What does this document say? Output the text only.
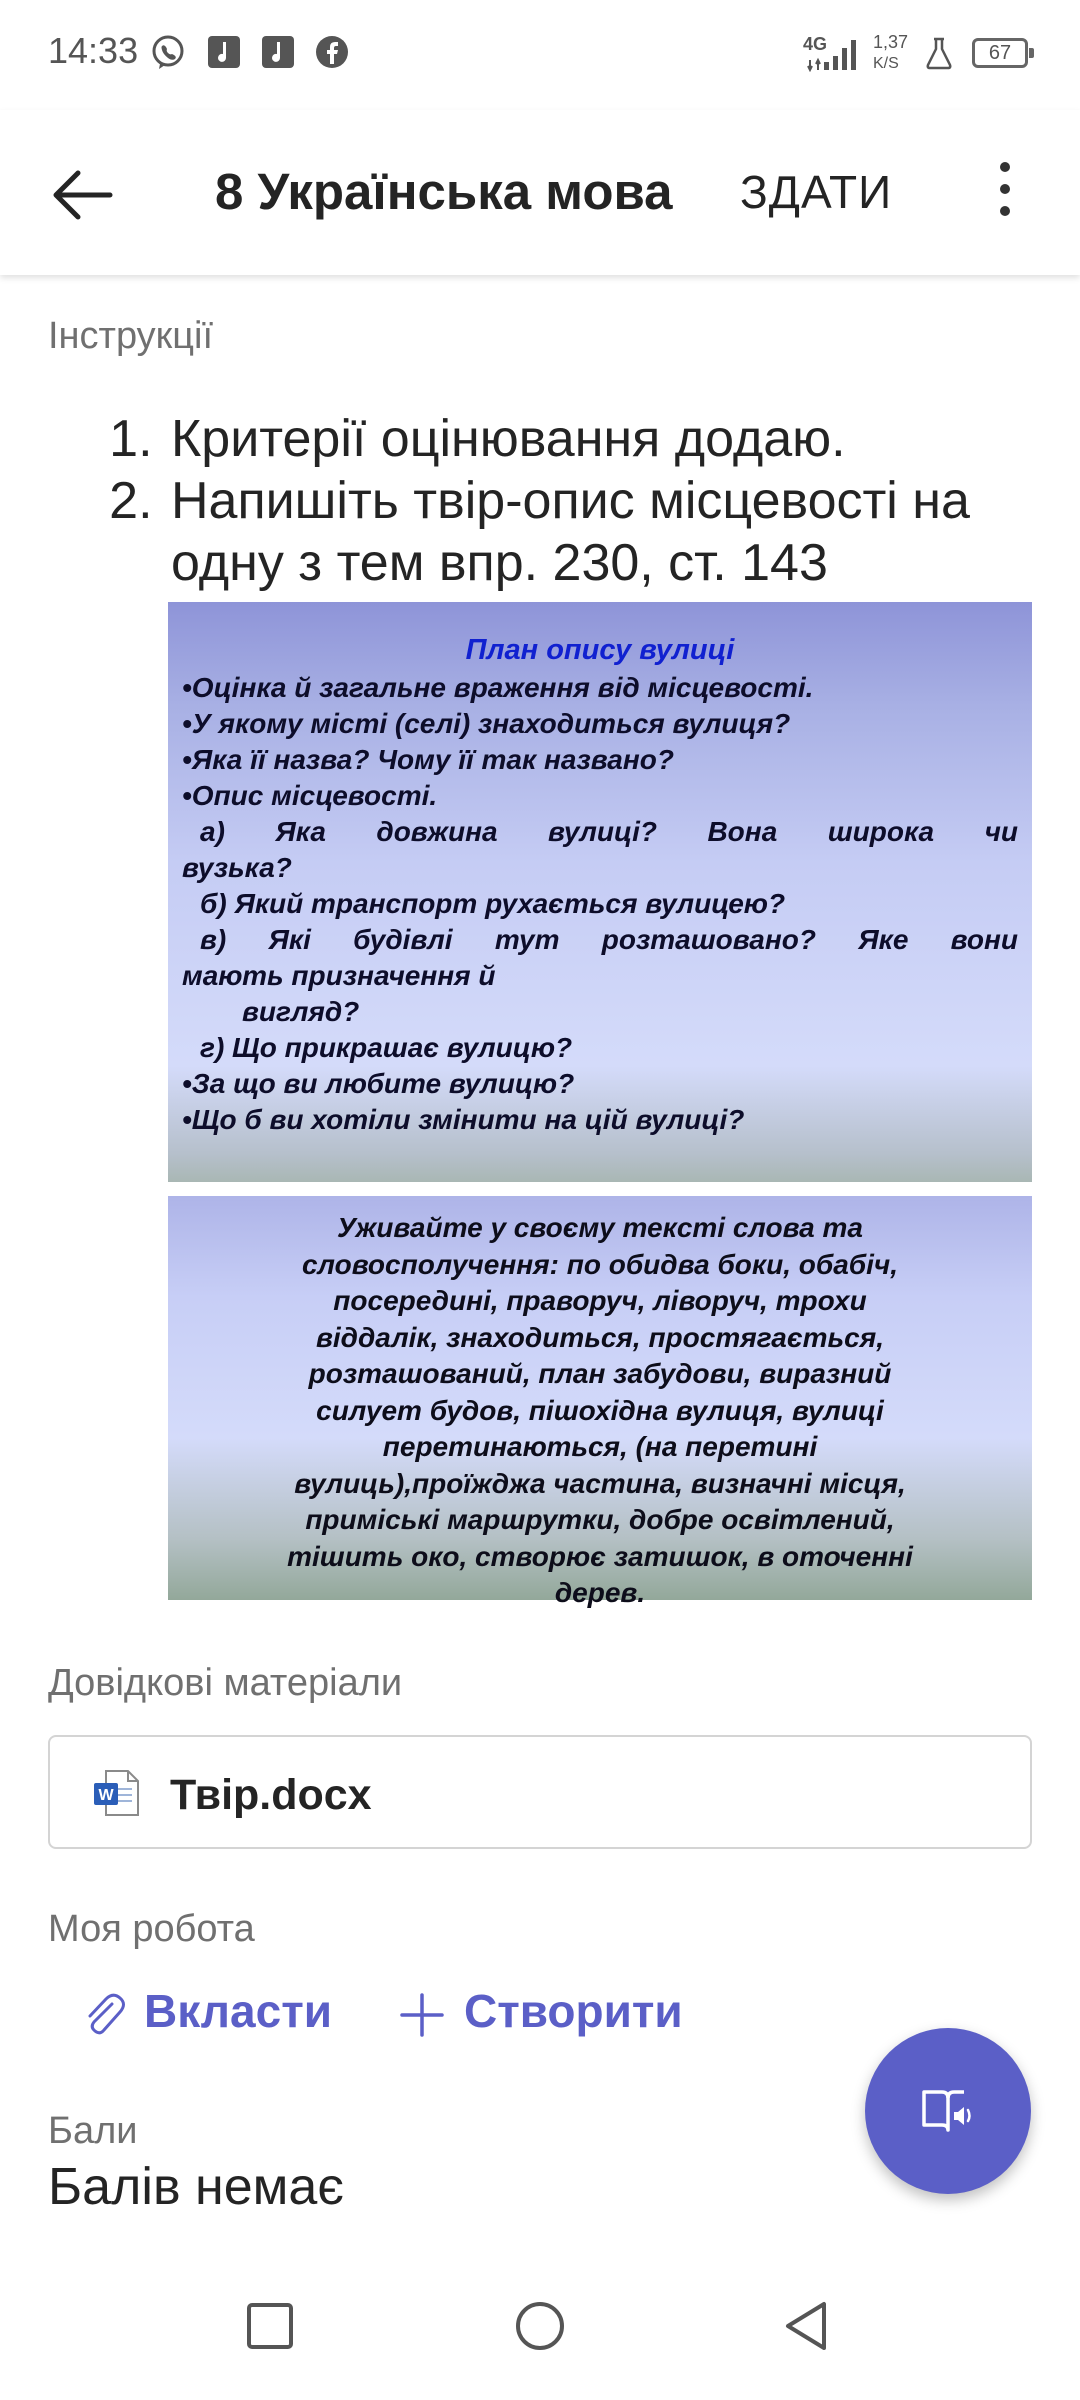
14:33	4G	1,37
K/S	67
8 Українська мова ЗДАТИ
Інструкції
1. Критерії оцінювання додаю.
2. Напишіть твір-опис місцевості на одну з тем впр. 230, ст. 143
План опису вулиці
•Оцінка й загальне враження від місцевості.
•У якому місті (селі) знаходиться вулиця?
•Яка її назва? Чому її так названо?
•Опис місцевості.
а) Яка довжина вулиці? Вона широка чи
вузька?
б) Який транспорт рухається вулицею?
в) Які будівлі тут розташовано? Яке вони
мають призначення й
вигляд?
г) Що прикрашає вулицю?
•За що ви любите вулицю?
•Що б ви хотіли змінити на цій вулиці?
Уживайте у своєму тексті слова та
словосполучення: по обидва боки, обабіч,
посередині, праворуч, ліворуч, трохи
віддалік, знаходиться, простягається,
розташований, план забудови, виразний
силует будов, пішохідна вулиця, вулиці
перетинаються, (на перетині
вулиць),проїжджа частина, визначні місця,
приміські маршрутки, добре освітлений,
тішить око, створює затишок, в оточенні
дерев.
Довідкові матеріали
W Твір.docx
Моя робота
Вкласти	Створити
Бали
Балів немає
